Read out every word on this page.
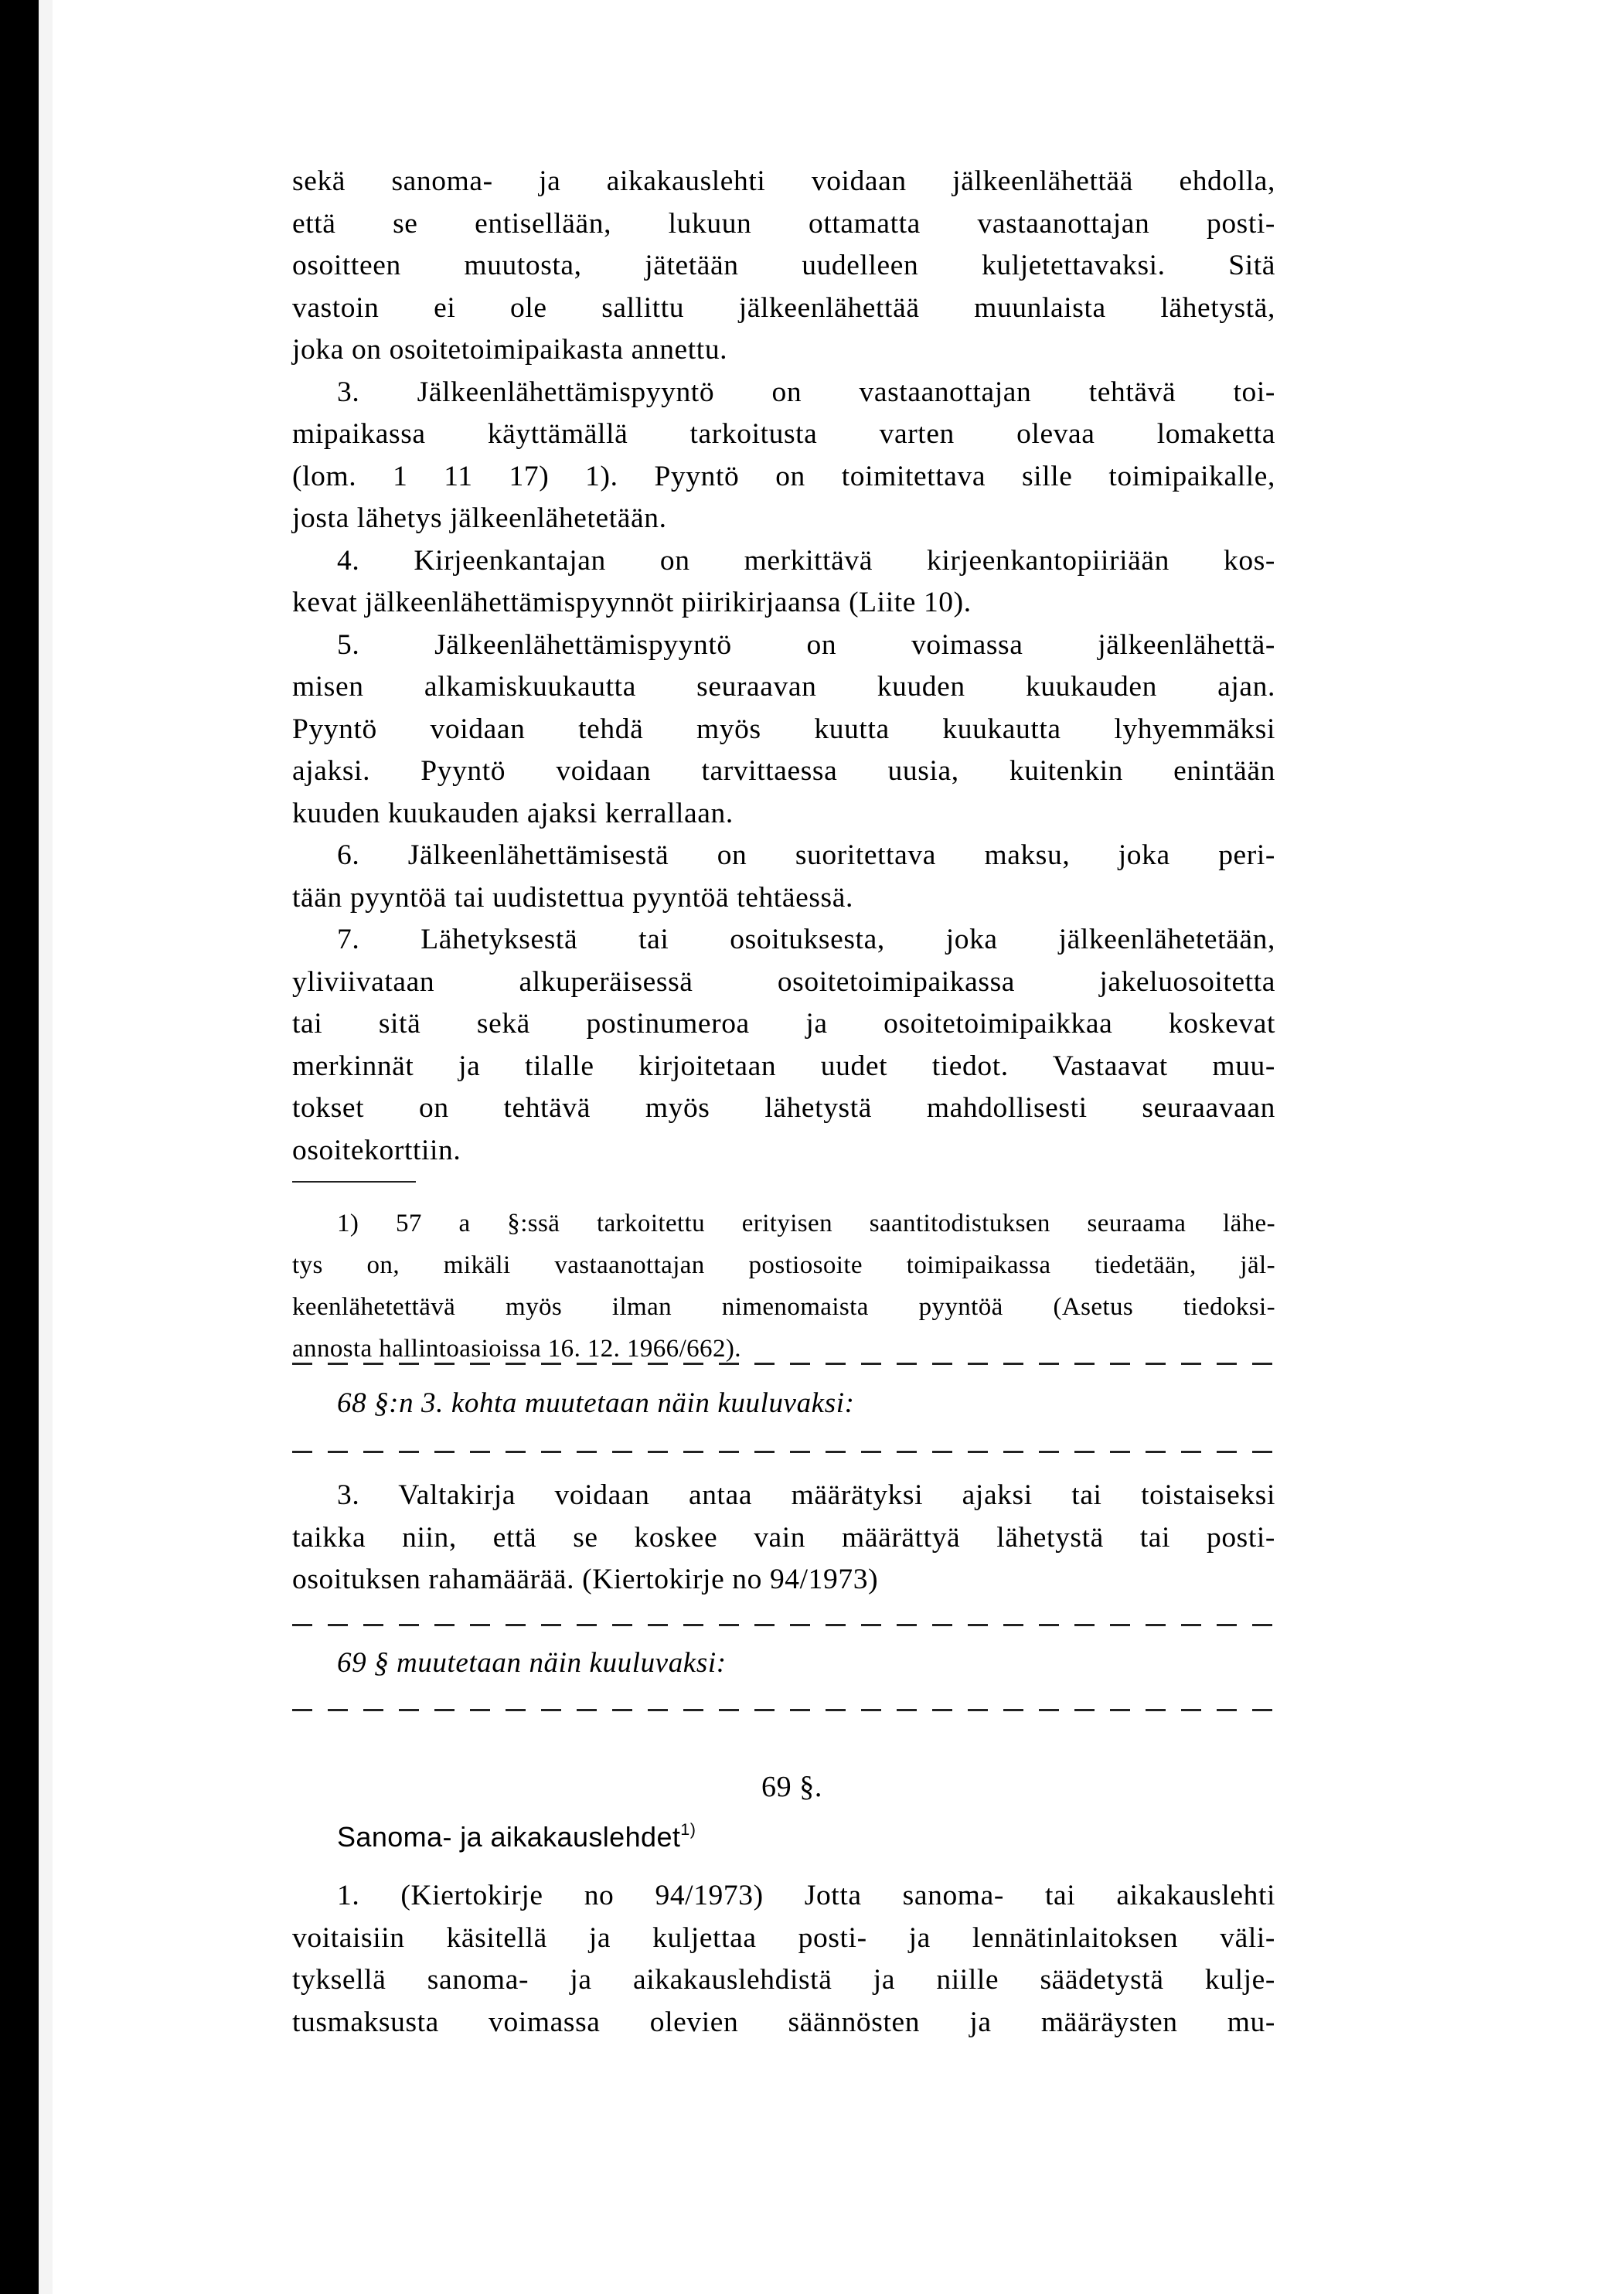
sekä sanoma- ja aikakauslehti voidaan jälkeenlähettää ehdolla,
että se entisellään, lukuun ottamatta vastaanottajan posti-
osoitteen muutosta, jätetään uudelleen kuljetettavaksi. Sitä
vastoin ei ole sallittu jälkeenlähettää muunlaista lähetystä,
joka on osoitetoimipaikasta annettu.
3. Jälkeenlähettämispyyntö on vastaanottajan tehtävä toi-
mipaikassa käyttämällä tarkoitusta varten olevaa lomaketta
(lom. 1 11 17) 1). Pyyntö on toimitettava sille toimipaikalle,
josta lähetys jälkeenlähetetään.
4. Kirjeenkantajan on merkittävä kirjeenkantopiiriään kos-
kevat jälkeenlähettämispyynnöt piirikirjaansa (Liite 10).
5. Jälkeenlähettämispyyntö on voimassa jälkeenlähettä-
misen alkamiskuukautta seuraavan kuuden kuukauden ajan.
Pyyntö voidaan tehdä myös kuutta kuukautta lyhyemmäksi
ajaksi. Pyyntö voidaan tarvittaessa uusia, kuitenkin enintään
kuuden kuukauden ajaksi kerrallaan.
6. Jälkeenlähettämisestä on suoritettava maksu, joka peri-
tään pyyntöä tai uudistettua pyyntöä tehtäessä.
7. Lähetyksestä tai osoituksesta, joka jälkeenlähetetään,
yliviivataan alkuperäisessä osoitetoimipaikassa jakeluosoitetta
tai sitä sekä postinumeroa ja osoitetoimipaikkaa koskevat
merkinnät ja tilalle kirjoitetaan uudet tiedot. Vastaavat muu-
tokset on tehtävä myös lähetystä mahdollisesti seuraavaan
osoitekorttiin.
1) 57 a §:ssä tarkoitettu erityisen saantitodistuksen seuraama lähe-
tys on, mikäli vastaanottajan postiosoite toimipaikassa tiedetään, jäl-
keenlähetettävä myös ilman nimenomaista pyyntöä (Asetus tiedoksi-
annosta hallintoasioissa 16. 12. 1966/662).
68 §:n 3. kohta muutetaan näin kuuluvaksi:
3. Valtakirja voidaan antaa määrätyksi ajaksi tai toistaiseksi
taikka niin, että se koskee vain määrättyä lähetystä tai posti-
osoituksen rahamäärää. (Kiertokirje no 94/1973)
69 § muutetaan näin kuuluvaksi:
69 §.
Sanoma- ja aikakauslehdet$^{1)}$
1. (Kiertokirje no 94/1973) Jotta sanoma- tai aikakauslehti
voitaisiin käsitellä ja kuljettaa posti- ja lennätinlaitoksen väli-
tyksellä sanoma- ja aikakauslehdistä ja niille säädetystä kulje-
tusmaksusta voimassa olevien säännösten ja määräysten mu-
